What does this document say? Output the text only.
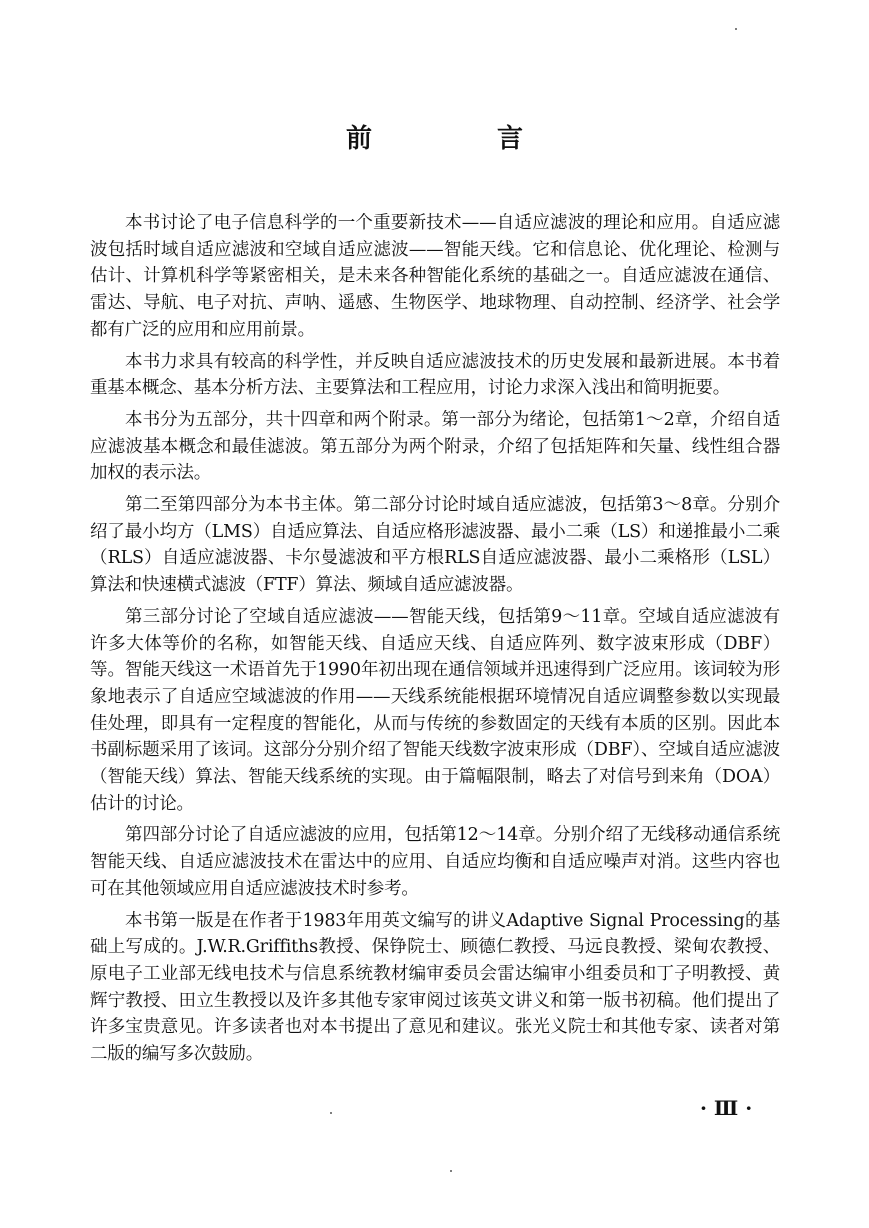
前 言

本书讨论了电子信息科学的一个重要新技术——自适应滤波的理论和应用。自适应滤波包括时域自适应滤波和空域自适应滤波——智能天线。它和信息论、优化理论、检测与估计、计算机科学等紧密相关，是未来各种智能化系统的基础之一。自适应滤波在通信、雷达、导航、电子对抗、声呐、遥感、生物医学、地球物理、自动控制、经济学、社会学都有广泛的应用和应用前景。

本书力求具有较高的科学性，并反映自适应滤波技术的历史发展和最新进展。本书着重基本概念、基本分析方法、主要算法和工程应用，讨论力求深入浅出和简明扼要。

本书分为五部分，共十四章和两个附录。第一部分为绪论，包括第1～2章，介绍自适应滤波基本概念和最佳滤波。第五部分为两个附录，介绍了包括矩阵和矢量、线性组合器加权的表示法。

第二至第四部分为本书主体。第二部分讨论时域自适应滤波，包括第3～8章。分别介绍了最小均方（LMS）自适应算法、自适应格形滤波器、最小二乘（LS）和递推最小二乘（RLS）自适应滤波器、卡尔曼滤波和平方根RLS自适应滤波器、最小二乘格形（LSL）算法和快速横式滤波（FTF）算法、频域自适应滤波器。

第三部分讨论了空域自适应滤波——智能天线，包括第9～11章。空域自适应滤波有许多大体等价的名称，如智能天线、自适应天线、自适应阵列、数字波束形成（DBF）等。智能天线这一术语首先于1990年初出现在通信领域并迅速得到广泛应用。该词较为形象地表示了自适应空域滤波的作用——天线系统能根据环境情况自适应调整参数以实现最佳处理，即具有一定程度的智能化，从而与传统的参数固定的天线有本质的区别。因此本书副标题采用了该词。这部分分别介绍了智能天线数字波束形成（DBF）、空域自适应滤波（智能天线）算法、智能天线系统的实现。由于篇幅限制，略去了对信号到来角（DOA）估计的讨论。

第四部分讨论了自适应滤波的应用，包括第12～14章。分别介绍了无线移动通信系统智能天线、自适应滤波技术在雷达中的应用、自适应均衡和自适应噪声对消。这些内容也可在其他领域应用自适应滤波技术时参考。

本书第一版是在作者于1983年用英文编写的讲义Adaptive Signal Processing的基础上写成的。J.W.R.Griffiths教授、保铮院士、顾德仁教授、马远良教授、梁甸农教授、原电子工业部无线电技术与信息系统教材编审委员会雷达编审小组委员和丁子明教授、黄辉宁教授、田立生教授以及许多其他专家审阅过该英文讲义和第一版书初稿。他们提出了许多宝贵意见。许多读者也对本书提出了意见和建议。张光义院士和其他专家、读者对第二版的编写多次鼓励。

· Ⅲ ·
